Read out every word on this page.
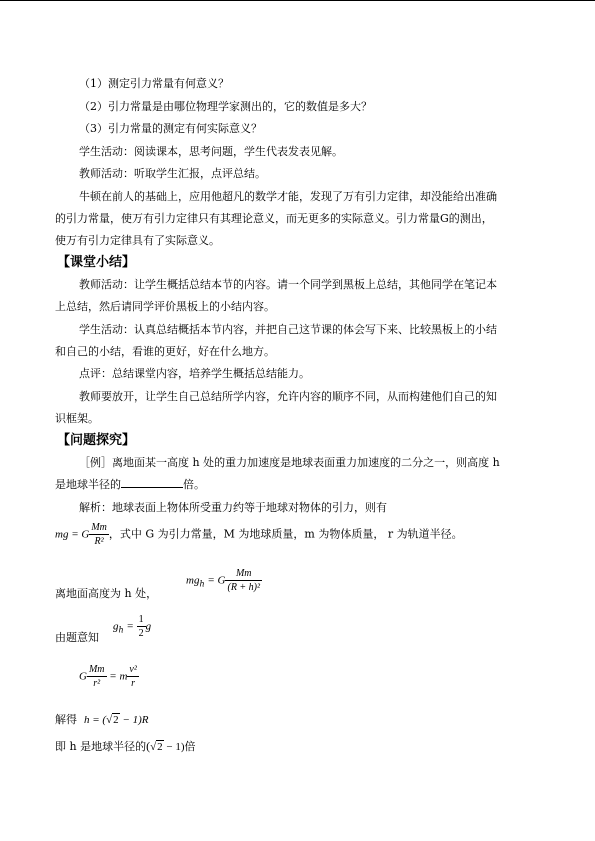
（1）测定引力常量有何意义？
（2）引力常量是由哪位物理学家测出的，它的数值是多大？
（3）引力常量的测定有何实际意义？
学生活动：阅读课本，思考问题，学生代表发表见解。
教师活动：听取学生汇报，点评总结。
牛顿在前人的基础上，应用他超凡的数学才能，发现了万有引力定律，却没能给出准确
的引力常量，使万有引力定律只有其理论意义，而无更多的实际意义。引力常量G的测出，
使万有引力定律具有了实际意义。
【课堂小结】
教师活动：让学生概括总结本节的内容。请一个同学到黑板上总结，其他同学在笔记本
上总结，然后请同学评价黑板上的小结内容。
学生活动：认真总结概括本节内容，并把自己这节课的体会写下来、比较黑板上的小结
和自己的小结，看谁的更好，好在什么地方。
点评：总结课堂内容，培养学生概括总结能力。
教师要放开，让学生自己总结所学内容，允许内容的顺序不同，从而构建他们自己的知
识框架。
【问题探究】
［例］离地面某一高度 h 处的重力加速度是地球表面重力加速度的二分之一，则高度 h
是地球半径的	倍。
解析：地球表面上物体所受重力约等于地球对物体的引力，则有
mg = G $\frac{Mm}{\text{R²}}$ ，式中 G 为引力常量，M 为地球质量，m 为物体质量， r 为轨道半径。
$mg_h = G \frac{Mm}{\text{(R + h)²}}$
离地面高度为 h 处，
$g_h = \frac{1}{2}$ g
由题意知
G $\frac{Mm}{\text{r²}} = m \frac{\text{v²}}{r}$
解得 h = (√2 − 1)R
即 h 是地球半径的(√2 − 1)倍
